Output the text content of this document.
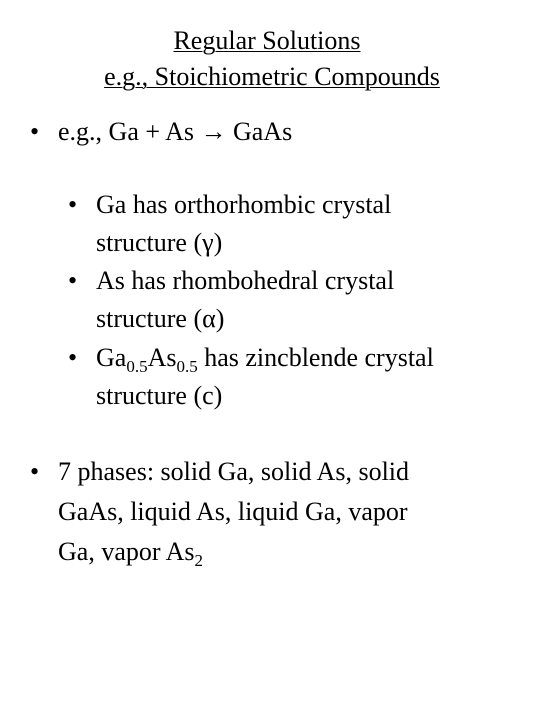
Regular Solutions
e.g., Stoichiometric Compounds
• e.g., Ga + As → GaAs
• Ga has orthorhombic crystal
structure (γ)
• As has rhombohedral crystal
structure (α)
• $Ga_{0.5}As_{0.5}$ has zincblende crystal
structure (c)
• 7 phases: solid Ga, solid As, solid
GaAs, liquid As, liquid Ga, vapor
Ga, vapor $As_2$
